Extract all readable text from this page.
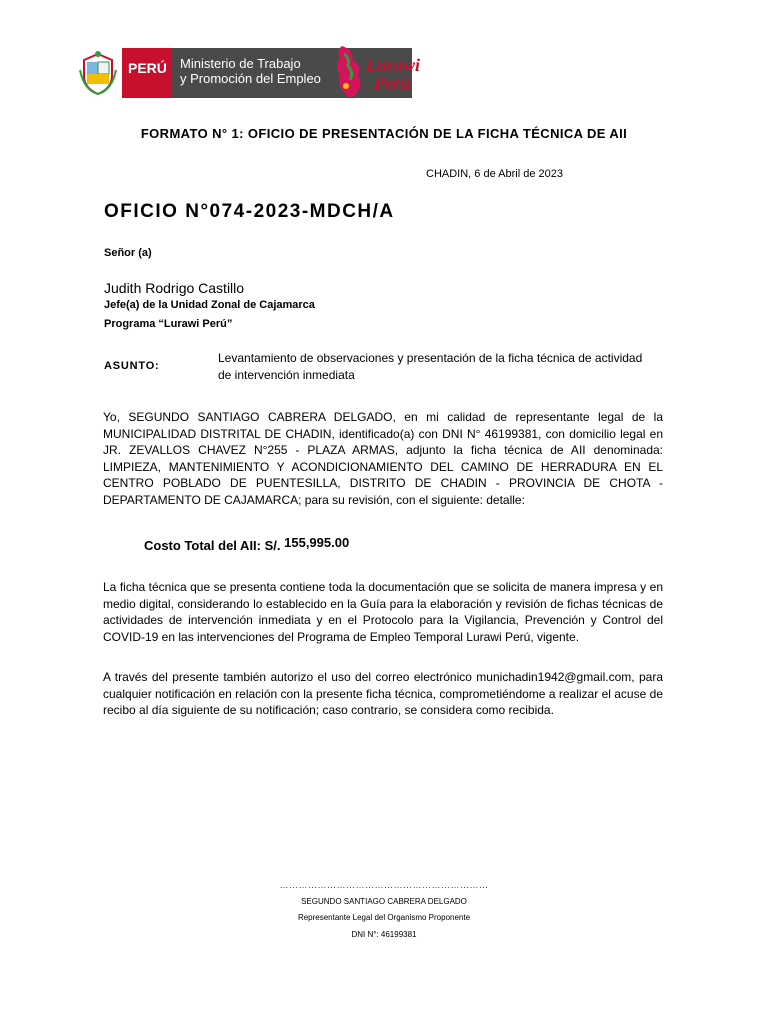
PERÚ Ministerio de Trabajo
y Promoción del Empleo
Lurawi
Perú
FORMATO N° 1: OFICIO DE PRESENTACIÓN DE LA FICHA TÉCNICA DE AII
CHADIN, 6 de Abril de 2023
OFICIO N°074-2023-MDCH/A
Señor (a)
Judith Rodrigo Castillo
Jefe(a) de la Unidad Zonal de Cajamarca
Programa “Lurawi Perú”
ASUNTO:
Levantamiento de observaciones y presentación de la ficha técnica de actividad de intervención inmediata
Yo, SEGUNDO SANTIAGO CABRERA DELGADO, en mi calidad de representante legal de la MUNICIPALIDAD DISTRITAL DE CHADIN, identificado(a) con DNI N° 46199381, con domicilio legal en JR. ZEVALLOS CHAVEZ N°255 - PLAZA ARMAS, adjunto la ficha técnica de AII denominada: LIMPIEZA, MANTENIMIENTO Y ACONDICIONAMIENTO DEL CAMINO DE HERRADURA EN EL CENTRO POBLADO DE PUENTESILLA, DISTRITO DE CHADIN - PROVINCIA DE CHOTA - DEPARTAMENTO DE CAJAMARCA; para su revisión, con el siguiente: detalle:
Costo Total del AII: S/. 155,995.00
La ficha técnica que se presenta contiene toda la documentación que se solicita de manera impresa y en medio digital, considerando lo establecido en la Guía para la elaboración y revisión de fichas técnicas de actividades de intervención inmediata y en el Protocolo para la Vigilancia, Prevención y Control del COVID-19 en las intervenciones del Programa de Empleo Temporal Lurawi Perú, vigente.
A través del presente también autorizo el uso del correo electrónico munichadin1942@gmail.com, para cualquier notificación en relación con la presente ficha técnica, comprometiéndome a realizar el acuse de recibo al día siguiente de su notificación; caso contrario, se considera como recibida.
…………………………………………………………
SEGUNDO SANTIAGO CABRERA DELGADO
Representante Legal del Organismo Proponente
DNI N°: 46199381
